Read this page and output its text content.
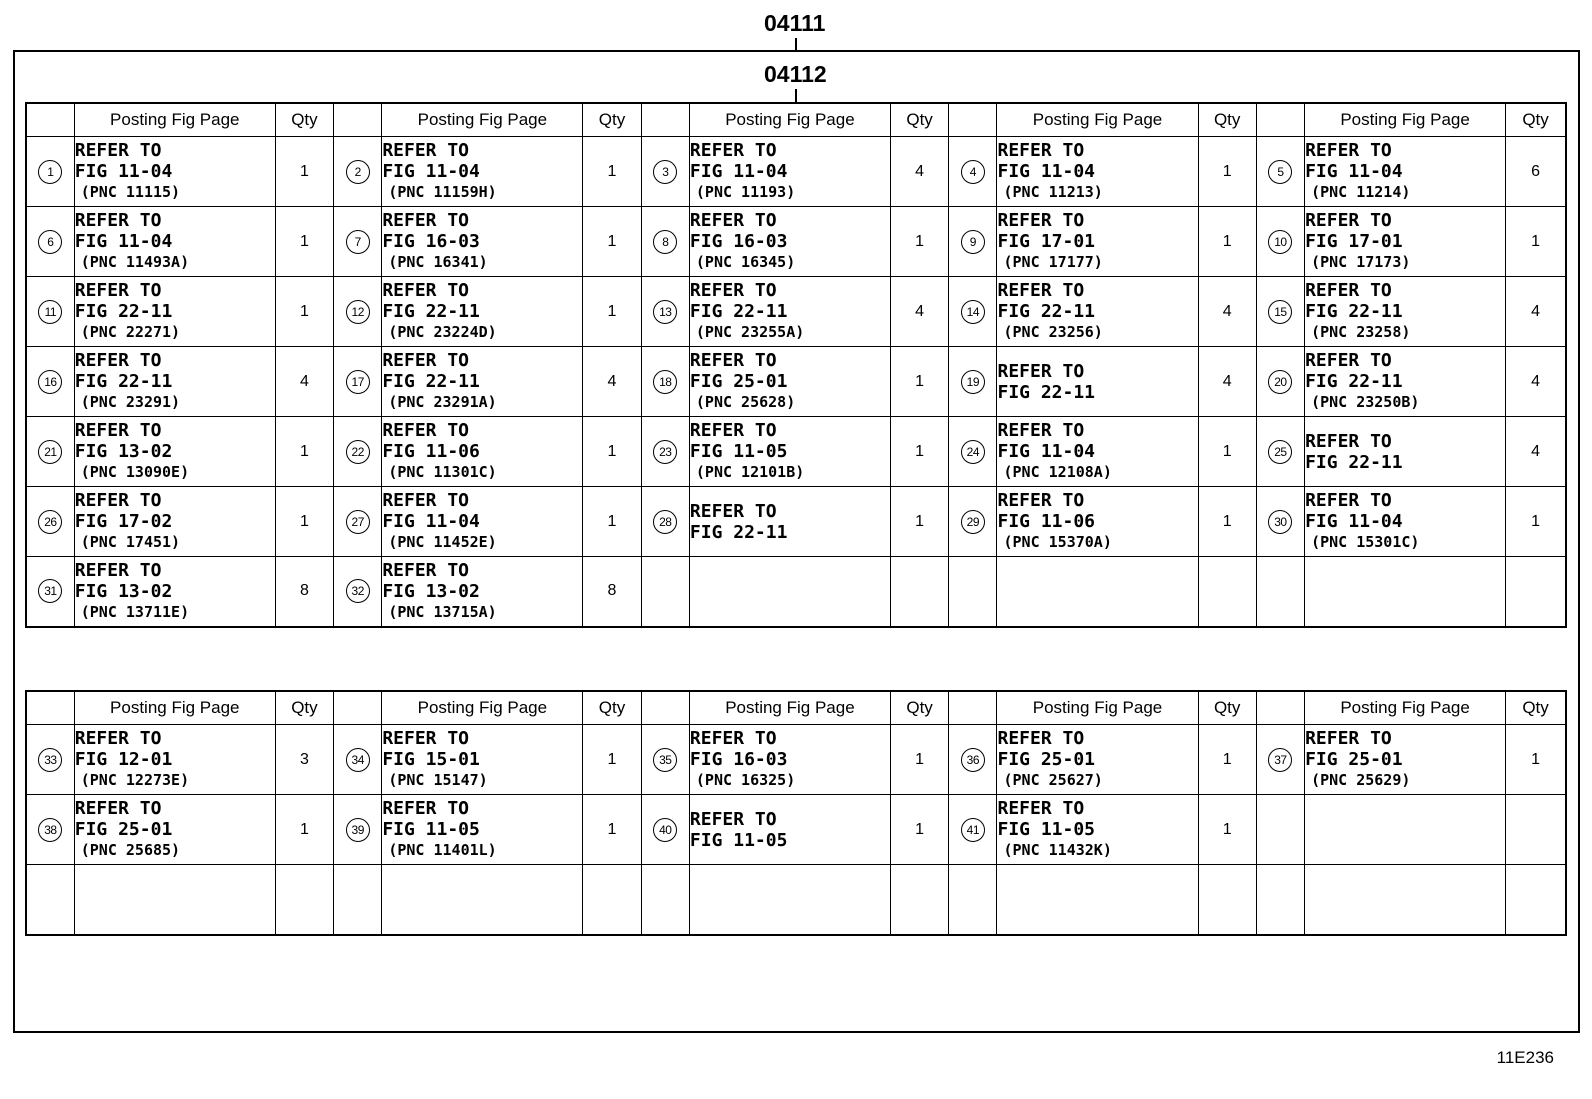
04111
04112
	Posting Fig Page	Qty		Posting Fig Page	Qty		Posting Fig Page	Qty		Posting Fig Page	Qty		Posting Fig Page	Qty
1	REFER TO
FIG 11-04
(PNC 11115)	1	2	REFER TO
FIG 11-04
(PNC 11159H)	1	3	REFER TO
FIG 11-04
(PNC 11193)	4	4	REFER TO
FIG 11-04
(PNC 11213)	1	5	REFER TO
FIG 11-04
(PNC 11214)	6
6	REFER TO
FIG 11-04
(PNC 11493A)	1	7	REFER TO
FIG 16-03
(PNC 16341)	1	8	REFER TO
FIG 16-03
(PNC 16345)	1	9	REFER TO
FIG 17-01
(PNC 17177)	1	10	REFER TO
FIG 17-01
(PNC 17173)	1
11	REFER TO
FIG 22-11
(PNC 22271)	1	12	REFER TO
FIG 22-11
(PNC 23224D)	1	13	REFER TO
FIG 22-11
(PNC 23255A)	4	14	REFER TO
FIG 22-11
(PNC 23256)	4	15	REFER TO
FIG 22-11
(PNC 23258)	4
16	REFER TO
FIG 22-11
(PNC 23291)	4	17	REFER TO
FIG 22-11
(PNC 23291A)	4	18	REFER TO
FIG 25-01
(PNC 25628)	1	19	REFER TO
FIG 22-11	4	20	REFER TO
FIG 22-11
(PNC 23250B)	4
21	REFER TO
FIG 13-02
(PNC 13090E)	1	22	REFER TO
FIG 11-06
(PNC 11301C)	1	23	REFER TO
FIG 11-05
(PNC 12101B)	1	24	REFER TO
FIG 11-04
(PNC 12108A)	1	25	REFER TO
FIG 22-11	4
26	REFER TO
FIG 17-02
(PNC 17451)	1	27	REFER TO
FIG 11-04
(PNC 11452E)	1	28	REFER TO
FIG 22-11	1	29	REFER TO
FIG 11-06
(PNC 15370A)	1	30	REFER TO
FIG 11-04
(PNC 15301C)	1
31	REFER TO
FIG 13-02
(PNC 13711E)	8	32	REFER TO
FIG 13-02
(PNC 13715A)	8									
	Posting Fig Page	Qty		Posting Fig Page	Qty		Posting Fig Page	Qty		Posting Fig Page	Qty		Posting Fig Page	Qty
33	REFER TO
FIG 12-01
(PNC 12273E)	3	34	REFER TO
FIG 15-01
(PNC 15147)	1	35	REFER TO
FIG 16-03
(PNC 16325)	1	36	REFER TO
FIG 25-01
(PNC 25627)	1	37	REFER TO
FIG 25-01
(PNC 25629)	1
38	REFER TO
FIG 25-01
(PNC 25685)	1	39	REFER TO
FIG 11-05
(PNC 11401L)	1	40	REFER TO
FIG 11-05	1	41	REFER TO
FIG 11-05
(PNC 11432K)	1			

11E236
